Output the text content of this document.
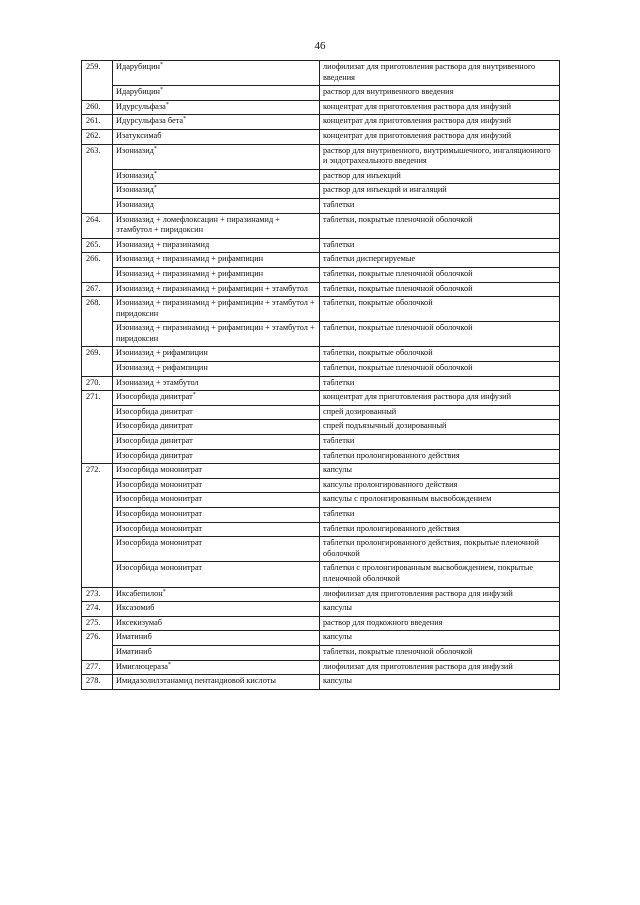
46
259.	Идарубицин*	лиофилизат для приготовления раствора для внутривенного введения
	Идарубицин*	раствор для внутривенного введения
260.	Идурсульфаза*	концентрат для приготовления раствора для инфузий
261.	Идурсульфаза бета*	концентрат для приготовления раствора для инфузий
262.	Изатуксимаб	концентрат для приготовления раствора для инфузий
263.	Изониазид*	раствор для внутривенного, внутримышечного, ингаляционного и эндотрахеального введения
	Изониазид*	раствор для инъекций
	Изониазид*	раствор для инъекций и ингаляций
	Изониазид	таблетки
264.	Изониазид + ломефлоксацин + пиразинамид + этамбутол + пиридоксин	таблетки, покрытые пленочной оболочкой
265.	Изониазид + пиразинамид	таблетки
266.	Изониазид + пиразинамид + рифампицин	таблетки диспергируемые
	Изониазид + пиразинамид + рифампицин	таблетки, покрытые пленочной оболочкой
267.	Изониазид + пиразинамид + рифампицин + этамбутол	таблетки, покрытые пленочной оболочкой
268.	Изониазид + пиразинамид + рифампицин + этамбутол + пиридоксин	таблетки, покрытые оболочкой
	Изониазид + пиразинамид + рифампицин + этамбутол + пиридоксин	таблетки, покрытые пленочной оболочкой
269.	Изониазид + рифампицин	таблетки, покрытые оболочкой
	Изониазид + рифампицин	таблетки, покрытые пленочной оболочкой
270.	Изониазид + этамбутол	таблетки
271.	Изосорбида динитрат*	концентрат для приготовления раствора для инфузий
	Изосорбида динитрат	спрей дозированный
	Изосорбида динитрат	спрей подъязычный дозированный
	Изосорбида динитрат	таблетки
	Изосорбида динитрат	таблетки пролонгированного действия
272.	Изосорбида мононитрат	капсулы
	Изосорбида мононитрат	капсулы пролонгированного действия
	Изосорбида мононитрат	капсулы с пролонгированным высвобождением
	Изосорбида мононитрат	таблетки
	Изосорбида мононитрат	таблетки пролонгированного действия
	Изосорбида мононитрат	таблетки пролонгированного действия, покрытые пленочной оболочкой
	Изосорбида мононитрат	таблетки с пролонгированным высвобождением, покрытые пленочной оболочкой
273.	Иксабепилон*	лиофилизат для приготовления раствора для инфузий
274.	Иксазомиб	капсулы
275.	Иксекизумаб	раствор для подкожного введения
276.	Иматиниб	капсулы
	Иматиниб	таблетки, покрытые пленочной оболочкой
277.	Имиглюцераза*	лиофилизат для приготовления раствора для инфузий
278.	Имидазолилэтанамид пентандиовой кислоты	капсулы
